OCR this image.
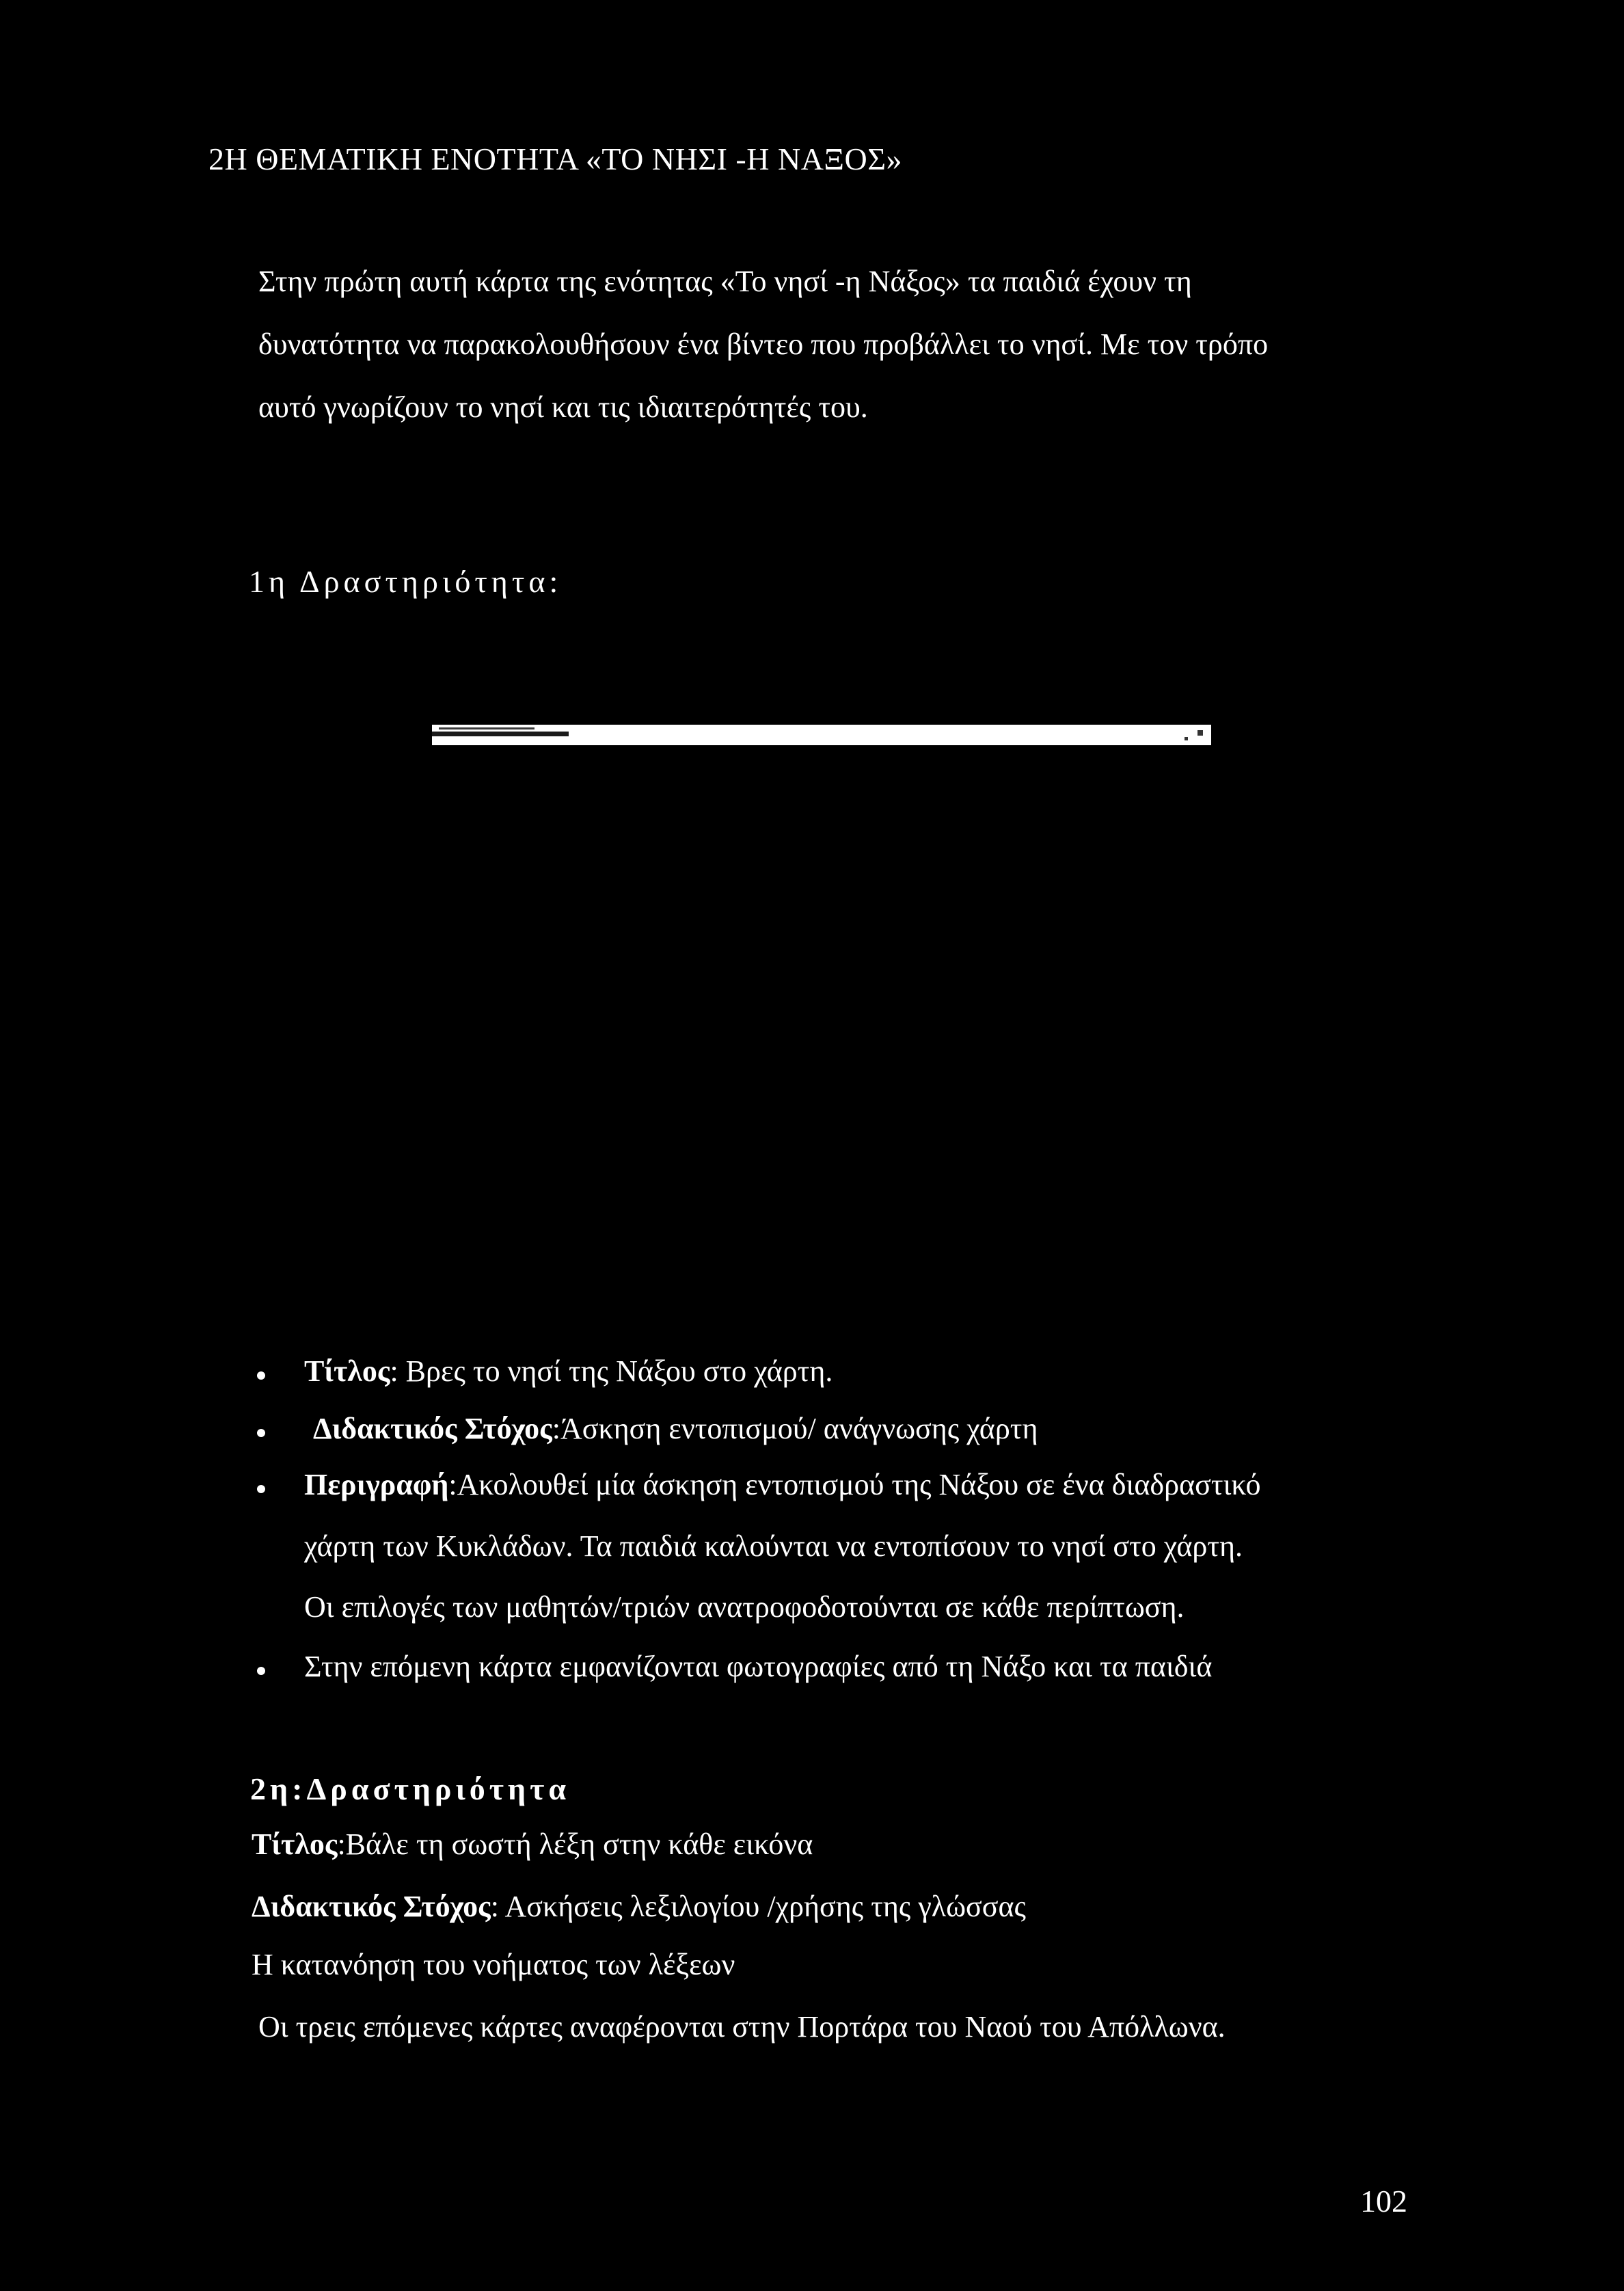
2Η ΘΕΜΑΤΙΚΗ ΕΝΟΤΗΤΑ «ΤΟ ΝΗΣΙ -Η ΝΑΞΟΣ»
Στην πρώτη αυτή κάρτα της ενότητας «Το νησί -η Νάξος» τα παιδιά έχουν τη
δυνατότητα να παρακολουθήσουν ένα βίντεο που προβάλλει το νησί. Με τον τρόπο
αυτό γνωρίζουν το νησί και τις ιδιαιτερότητές του.
1η Δραστηριότητα:
Τίτλος: Βρες το νησί της Νάξου στο χάρτη.
Διδακτικός Στόχος:Άσκηση εντοπισμού/ ανάγνωσης χάρτη
Περιγραφή:Ακολουθεί μία άσκηση εντοπισμού της Νάξου σε ένα διαδραστικό
χάρτη των Κυκλάδων. Τα παιδιά καλούνται να εντοπίσουν το νησί στο χάρτη.
Οι επιλογές των μαθητών/τριών ανατροφοδοτούνται σε κάθε περίπτωση.
Στην επόμενη κάρτα εμφανίζονται φωτογραφίες από τη Νάξο και τα παιδιά
2η:Δραστηριότητα
Τίτλος:Βάλε τη σωστή λέξη στην κάθε εικόνα
Διδακτικός Στόχος: Ασκήσεις λεξιλογίου /χρήσης της γλώσσας
Η κατανόηση του νοήματος των λέξεων
Οι τρεις επόμενες κάρτες αναφέρονται στην Πορτάρα του Ναού του Απόλλωνα.
102
